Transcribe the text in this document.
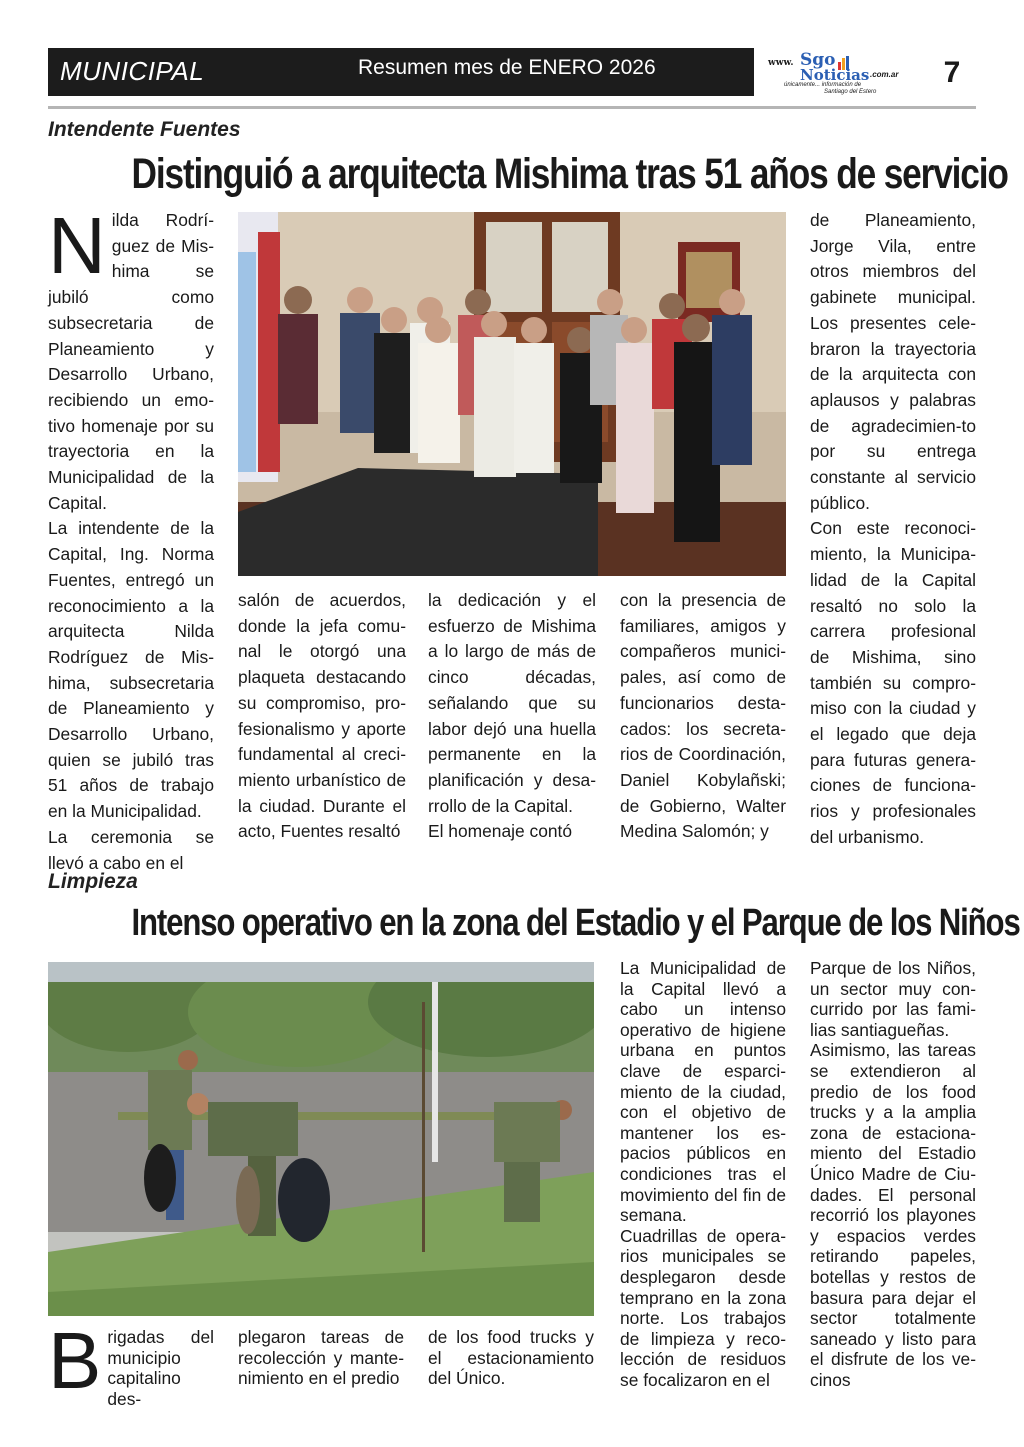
MUNICIPAL	Resumen mes de ENERO 2026	www. Sgo
Noticias .com.ar
únicamente... información de
Santiago del Estero
7
Intendente Fuentes
Distinguió a arquitecta Mishima tras 51 años de servicio
N ilda Rodrí-guez de Mis-hima se jubiló como subsecretaria de Planeamiento y Desarrollo Urbano, recibiendo un emo-tivo homenaje por su trayectoria en la Municipalidad de la Capital.

La intendente de la Capital, Ing. Norma Fuentes, entregó un reconocimiento a la arquitecta Nilda Rodríguez de Mis-hima, subsecretaria de Planeamiento y Desarrollo Urbano, quien se jubiló tras 51 años de trabajo en la Municipalidad.

La ceremonia se llevó a cabo en el

salón de acuerdos, donde la jefa comu-nal le otorgó una plaqueta destacando su compromiso, pro-fesionalismo y aporte fundamental al creci-miento urbanístico de la ciudad. Durante el acto, Fuentes resaltó

la dedicación y el esfuerzo de Mishima a lo largo de más de cinco décadas, señalando que su labor dejó una huella permanente en la planificación y desa-rrollo de la Capital.

El homenaje contó

con la presencia de familiares, amigos y compañeros munici-pales, así como de funcionarios desta-cados: los secreta-rios de Coordinación, Daniel Kobylañski; de Gobierno, Walter Medina Salomón; y

de Planeamiento, Jorge Vila, entre otros miembros del gabinete municipal. Los presentes cele-braron la trayectoria de la arquitecta con aplausos y palabras de agradecimien-to por su entrega constante al servicio público.

Con este reconoci-miento, la Municipa-lidad de la Capital resaltó no solo la carrera profesional de Mishima, sino también su compro-miso con la ciudad y el legado que deja para futuras genera-ciones de funciona-rios y profesionales del urbanismo.

Limpieza
Intenso operativo en la zona del Estadio y el Parque de los Niños
B rigadas del municipio capitalino des-

plegaron tareas de recolección y mante-nimiento en el predio

de los food trucks y el estacionamiento del Único.

La Municipalidad de la Capital llevó a cabo un intenso operativo de higiene urbana en puntos clave de esparci-miento de la ciudad, con el objetivo de mantener los es-pacios públicos en condiciones tras el movimiento del fin de semana.

Cuadrillas de opera-rios municipales se desplegaron desde temprano en la zona norte. Los trabajos de limpieza y reco-lección de residuos se focalizaron en el

Parque de los Niños, un sector muy con-currido por las fami-lias santiagueñas.

Asimismo, las tareas se extendieron al predio de los food trucks y a la amplia zona de estaciona-miento del Estadio Único Madre de Ciu-dades. El personal recorrió los playones y espacios verdes retirando papeles, botellas y restos de basura para dejar el sector totalmente saneado y listo para el disfrute de los ve-cinos
